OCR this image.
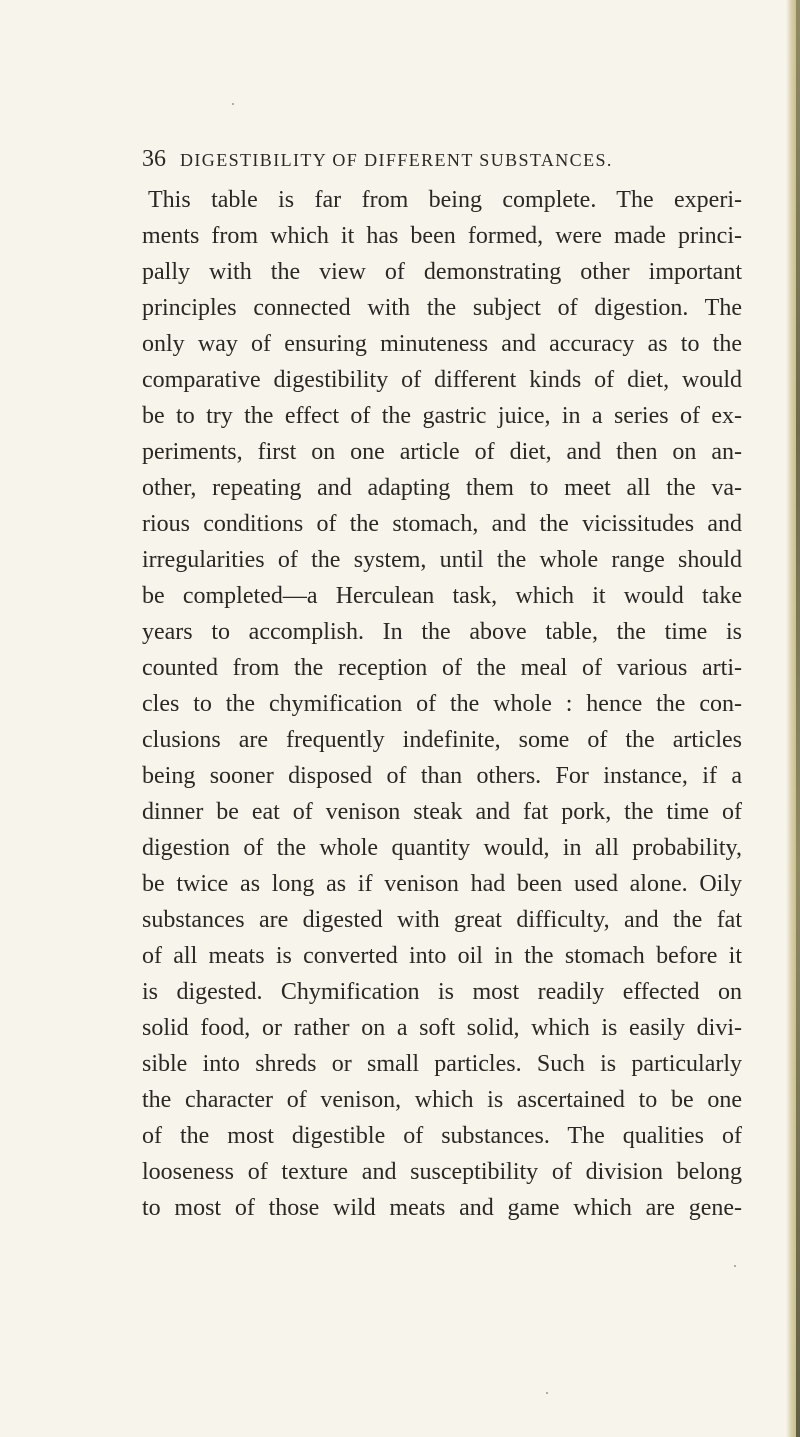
36 DIGESTIBILITY OF DIFFERENT SUBSTANCES.
This table is far from being complete. The experi-
ments from which it has been formed, were made princi-
pally with the view of demonstrating other important
principles connected with the subject of digestion. The
only way of ensuring minuteness and accuracy as to the
comparative digestibility of different kinds of diet, would
be to try the effect of the gastric juice, in a series of ex-
periments, first on one article of diet, and then on an-
other, repeating and adapting them to meet all the va-
rious conditions of the stomach, and the vicissitudes and
irregularities of the system, until the whole range should
be completed—a Herculean task, which it would take
years to accomplish. In the above table, the time is
counted from the reception of the meal of various arti-
cles to the chymification of the whole : hence the con-
clusions are frequently indefinite, some of the articles
being sooner disposed of than others. For instance, if a
dinner be eat of venison steak and fat pork, the time of
digestion of the whole quantity would, in all probability,
be twice as long as if venison had been used alone. Oily
substances are digested with great difficulty, and the fat
of all meats is converted into oil in the stomach before it
is digested. Chymification is most readily effected on
solid food, or rather on a soft solid, which is easily divi-
sible into shreds or small particles. Such is particularly
the character of venison, which is ascertained to be one
of the most digestible of substances. The qualities of
looseness of texture and susceptibility of division belong
to most of those wild meats and game which are gene-
